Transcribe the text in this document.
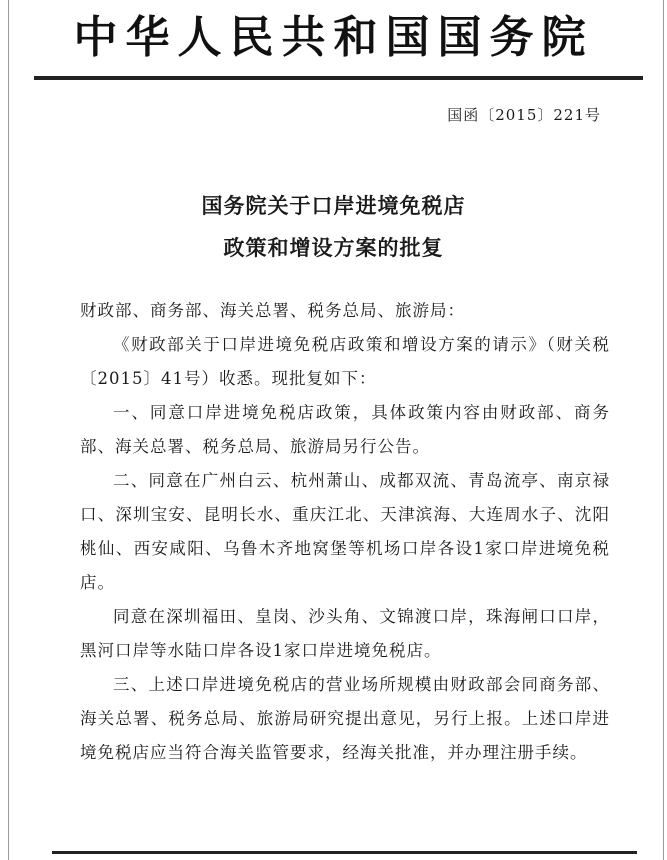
中华人民共和国国务院
国函〔2015〕221号
国务院关于口岸进境免税店
政策和增设方案的批复

财政部、商务部、海关总署、税务总局、旅游局：

《财政部关于口岸进境免税店政策和增设方案的请示》（财关税〔2015〕41号）收悉。现批复如下：

一、同意口岸进境免税店政策，具体政策内容由财政部、商务部、海关总署、税务总局、旅游局另行公告。

二、同意在广州白云、杭州萧山、成都双流、青岛流亭、南京禄口、深圳宝安、昆明长水、重庆江北、天津滨海、大连周水子、沈阳桃仙、西安咸阳、乌鲁木齐地窝堡等机场口岸各设1家口岸进境免税店。

同意在深圳福田、皇岗、沙头角、文锦渡口岸，珠海闸口口岸，黑河口岸等水陆口岸各设1家口岸进境免税店。

三、上述口岸进境免税店的营业场所规模由财政部会同商务部、海关总署、税务总局、旅游局研究提出意见，另行上报。上述口岸进境免税店应当符合海关监管要求，经海关批准，并办理注册手续。
